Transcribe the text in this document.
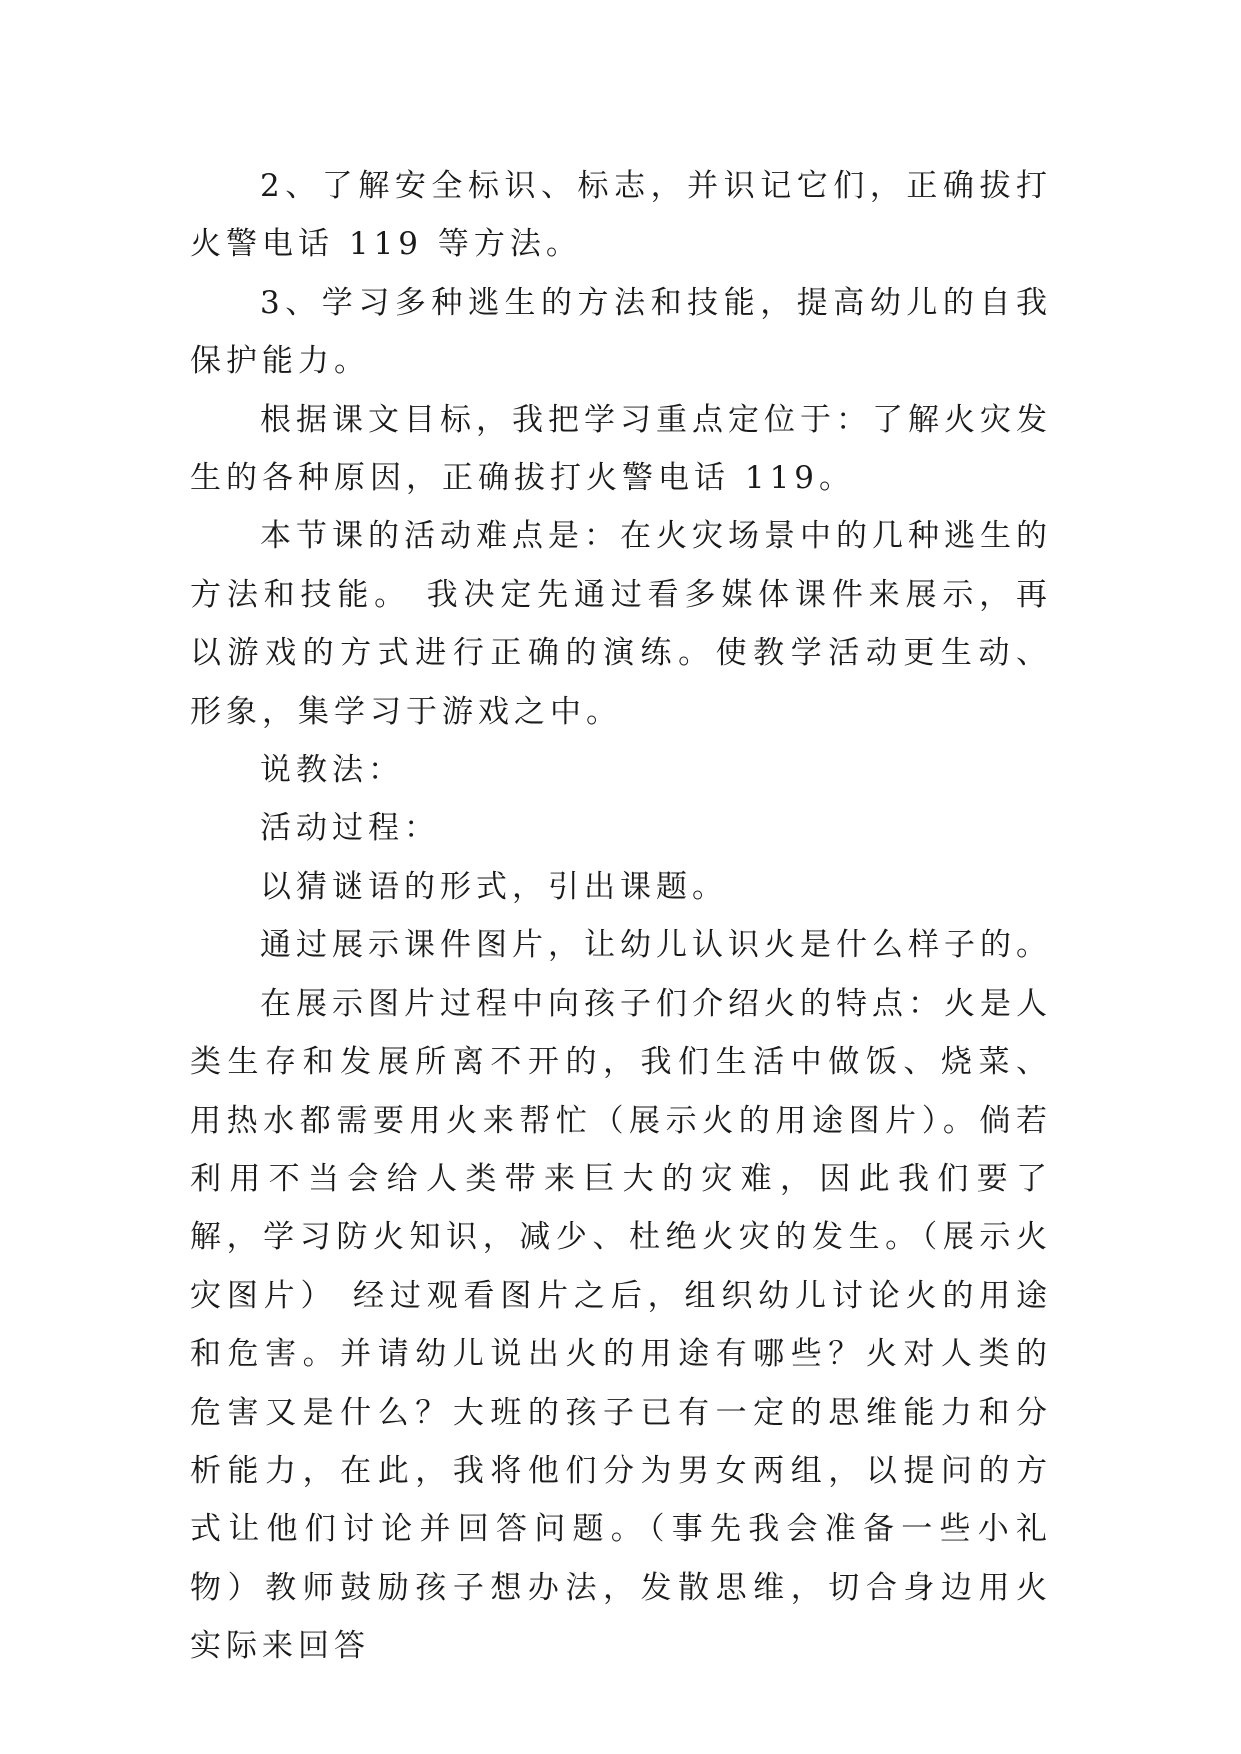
2、了解安全标识、标志，并识记它们，正确拔打火警电话 119 等方法。

3、学习多种逃生的方法和技能，提高幼儿的自我保护能力。

根据课文目标，我把学习重点定位于：了解火灾发生的各种原因，正确拔打火警电话 119。

本节课的活动难点是：在火灾场景中的几种逃生的方法和技能。 我决定先通过看多媒体课件来展示，再以游戏的方式进行正确的演练。使教学活动更生动、形象，集学习于游戏之中。

说教法：

活动过程：

以猜谜语的形式，引出课题。

通过展示课件图片，让幼儿认识火是什么样子的。

在展示图片过程中向孩子们介绍火的特点：火是人类生存和发展所离不开的，我们生活中做饭、烧菜、用热水都需要用火来帮忙（展示火的用途图片）。倘若利用不当会给人类带来巨大的灾难，因此我们要了解，学习防火知识，减少、杜绝火灾的发生。（展示火灾图片） 经过观看图片之后，组织幼儿讨论火的用途和危害。并请幼儿说出火的用途有哪些？火对人类的危害又是什么？大班的孩子已有一定的思维能力和分析能力，在此，我将他们分为男女两组，以提问的方式让他们讨论并回答问题。（事先我会准备一些小礼物）教师鼓励孩子想办法，发散思维，切合身边用火实际来回答
